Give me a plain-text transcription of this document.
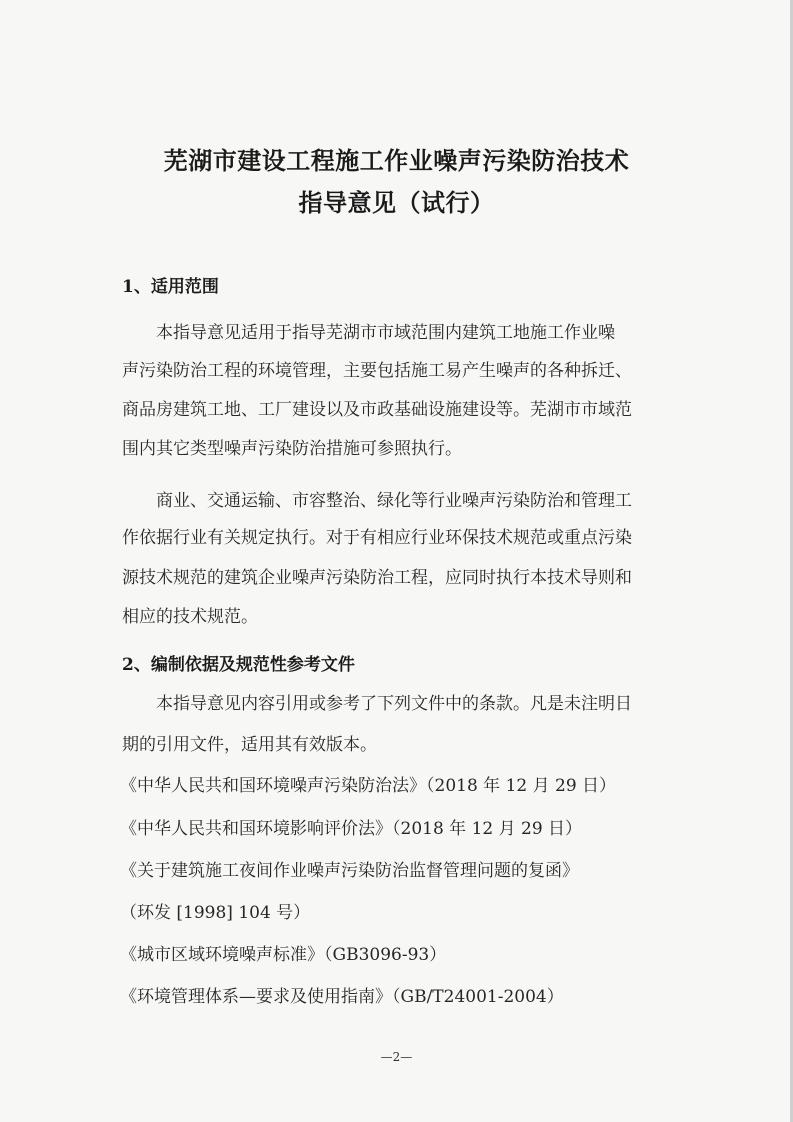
芜湖市建设工程施工作业噪声污染防治技术
指导意见（试行）
1、适用范围
本指导意见适用于指导芜湖市市域范围内建筑工地施工作业噪
声污染防治工程的环境管理，主要包括施工易产生噪声的各种拆迁、
商品房建筑工地、工厂建设以及市政基础设施建设等。芜湖市市域范
围内其它类型噪声污染防治措施可参照执行。
商业、交通运输、市容整治、绿化等行业噪声污染防治和管理工
作依据行业有关规定执行。对于有相应行业环保技术规范或重点污染
源技术规范的建筑企业噪声污染防治工程，应同时执行本技术导则和
相应的技术规范。
2、编制依据及规范性参考文件
本指导意见内容引用或参考了下列文件中的条款。凡是未注明日
期的引用文件，适用其有效版本。
《中华人民共和国环境噪声污染防治法》（2018 年 12 月 29 日）
《中华人民共和国环境影响评价法》（2018 年 12 月 29 日）
《关于建筑施工夜间作业噪声污染防治监督管理问题的复函》
（环发 [1998] 104 号）
《城市区域环境噪声标准》（GB3096-93）
《环境管理体系—要求及使用指南》（GB/T24001-2004）
—2—
